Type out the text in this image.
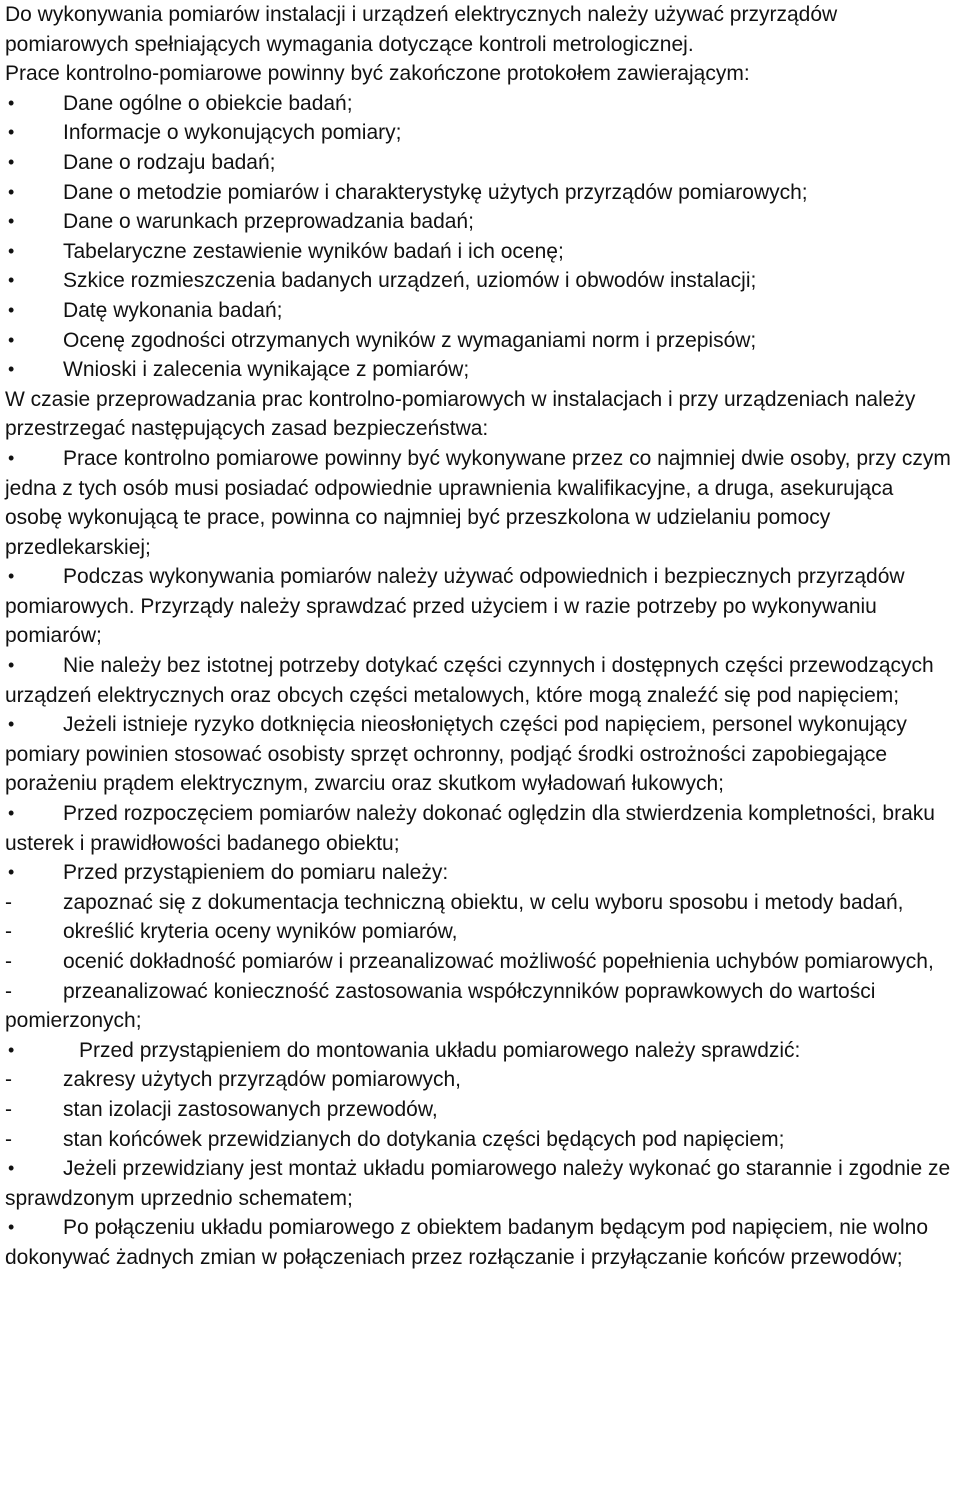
Do wykonywania pomiarów instalacji i urządzeń elektrycznych należy używać przyrządów pomiarowych spełniających wymagania dotyczące kontroli metrologicznej.

Prace kontrolno-pomiarowe powinny być zakończone protokołem zawierającym:

• Dane ogólne o obiekcie badań;

• Informacje o wykonujących pomiary;

• Dane o rodzaju badań;

• Dane o metodzie pomiarów i charakterystykę użytych przyrządów pomiarowych;

• Dane o warunkach przeprowadzania badań;

• Tabelaryczne zestawienie wyników badań i ich ocenę;

• Szkice rozmieszczenia badanych urządzeń, uziomów i obwodów instalacji;

• Datę wykonania badań;

• Ocenę zgodności otrzymanych wyników z wymaganiami norm i przepisów;

• Wnioski i zalecenia wynikające z pomiarów;

W czasie przeprowadzania prac kontrolno-pomiarowych w instalacjach i przy urządzeniach należy przestrzegać następujących zasad bezpieczeństwa:

• Prace kontrolno pomiarowe powinny być wykonywane przez co najmniej dwie osoby, przy czym jedna z tych osób musi posiadać odpowiednie uprawnienia kwalifikacyjne, a druga, asekurująca osobę wykonującą te prace, powinna co najmniej być przeszkolona w udzielaniu pomocy przedlekarskiej;

• Podczas wykonywania pomiarów należy używać odpowiednich i bezpiecznych przyrządów pomiarowych. Przyrządy należy sprawdzać przed użyciem i w razie potrzeby po wykonywaniu pomiarów;

• Nie należy bez istotnej potrzeby dotykać części czynnych i dostępnych części przewodzących urządzeń elektrycznych oraz obcych części metalowych, które mogą znaleźć się pod napięciem;

• Jeżeli istnieje ryzyko dotknięcia nieosłoniętych części pod napięciem, personel wykonujący pomiary powinien stosować osobisty sprzęt ochronny, podjąć środki ostrożności zapobiegające porażeniu prądem elektrycznym, zwarciu oraz skutkom wyładowań łukowych;

• Przed rozpoczęciem pomiarów należy dokonać oględzin dla stwierdzenia kompletności, braku usterek i prawidłowości badanego obiektu;

• Przed przystąpieniem do pomiaru należy:

- zapoznać się z dokumentacja techniczną obiektu, w celu wyboru sposobu i metody badań,

- określić kryteria oceny wyników pomiarów,

- ocenić dokładność pomiarów i przeanalizować możliwość popełnienia uchybów pomiarowych,

- przeanalizować konieczność zastosowania współczynników poprawkowych do wartości pomierzonych;

•	Przed przystąpieniem do montowania układu pomiarowego należy sprawdzić:

- zakresy użytych przyrządów pomiarowych,

- stan izolacji zastosowanych przewodów,

- stan końcówek przewidzianych do dotykania części będących pod napięciem;

• Jeżeli przewidziany jest montaż układu pomiarowego należy wykonać go starannie i zgodnie ze sprawdzonym uprzednio schematem;

• Po połączeniu układu pomiarowego z obiektem badanym będącym pod napięciem, nie wolno dokonywać żadnych zmian w połączeniach przez rozłączanie i przyłączanie końców przewodów;
